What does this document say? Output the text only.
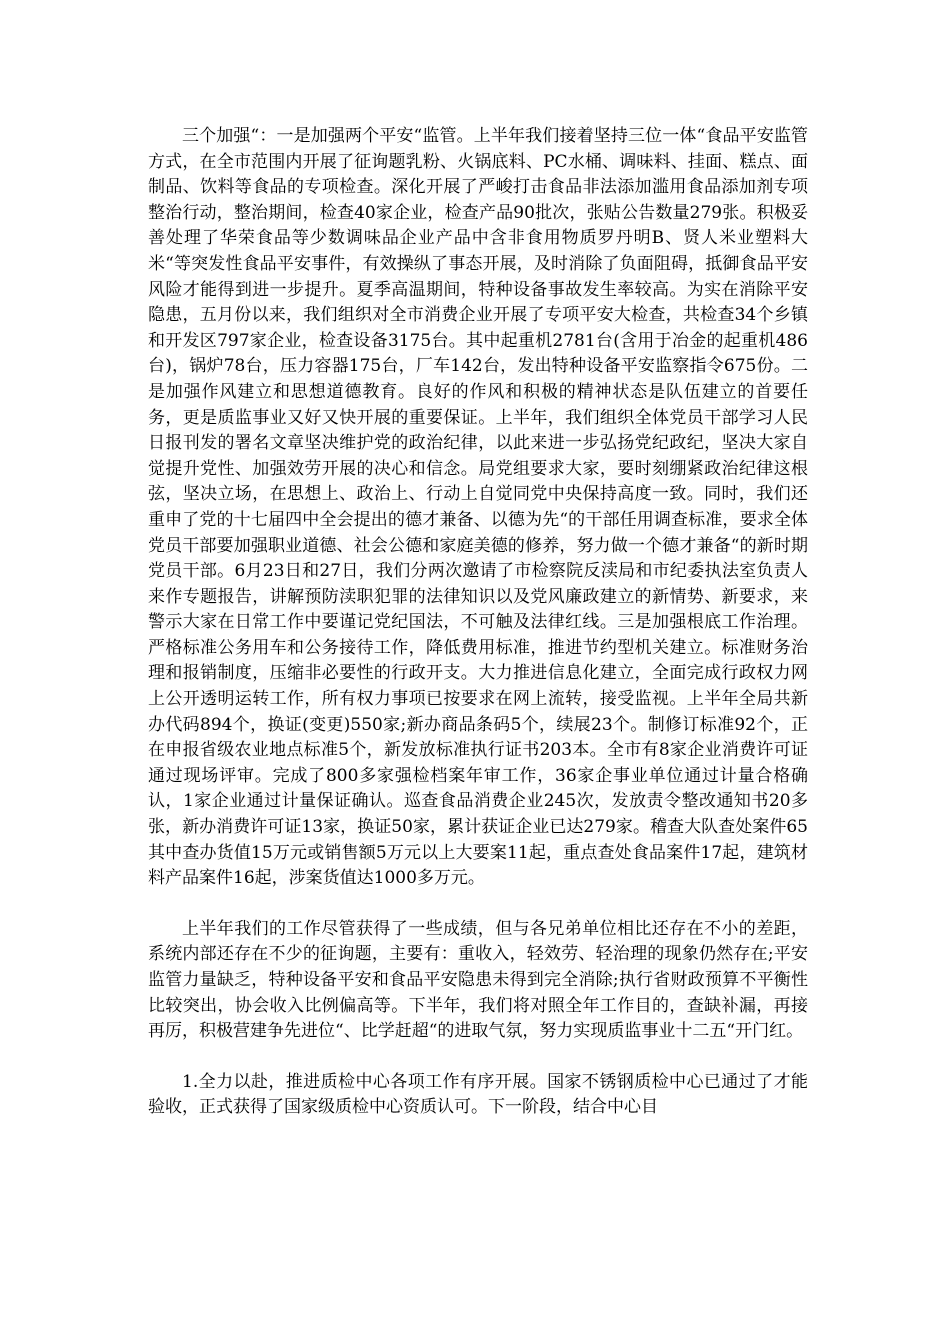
三个加强“：一是加强两个平安“监管。上半年我们接着坚持三位一体“食品平安监管方式，在全市范围内开展了征询题乳粉、火锅底料、PC水桶、调味料、挂面、糕点、面制品、饮料等食品的专项检查。深化开展了严峻打击食品非法添加滥用食品添加剂专项整治行动，整治期间，检查40家企业，检查产品90批次，张贴公告数量279张。积极妥善处理了华荣食品等少数调味品企业产品中含非食用物质罗丹明B、贤人米业塑料大米“等突发性食品平安事件，有效操纵了事态开展，及时消除了负面阻碍，抵御食品平安风险才能得到进一步提升。夏季高温期间，特种设备事故发生率较高。为实在消除平安隐患，五月份以来，我们组织对全市消费企业开展了专项平安大检查，共检查34个乡镇和开发区797家企业，检查设备3175台。其中起重机2781台(含用于冶金的起重机486台)，锅炉78台，压力容器175台，厂车142台，发出特种设备平安监察指令675份。二是加强作风建立和思想道德教育。良好的作风和积极的精神状态是队伍建立的首要任务，更是质监事业又好又快开展的重要保证。上半年，我们组织全体党员干部学习人民日报刊发的署名文章坚决维护党的政治纪律，以此来进一步弘扬党纪政纪，坚决大家自觉提升党性、加强效劳开展的决心和信念。局党组要求大家，要时刻绷紧政治纪律这根弦，坚决立场，在思想上、政治上、行动上自觉同党中央保持高度一致。同时，我们还重申了党的十七届四中全会提出的德才兼备、以德为先“的干部任用调查标准，要求全体党员干部要加强职业道德、社会公德和家庭美德的修养，努力做一个德才兼备“的新时期党员干部。6月23日和27日，我们分两次邀请了市检察院反渎局和市纪委执法室负责人来作专题报告，讲解预防渎职犯罪的法律知识以及党风廉政建立的新情势、新要求，来警示大家在日常工作中要谨记党纪国法，不可触及法律红线。三是加强根底工作治理。严格标准公务用车和公务接待工作，降低费用标准，推进节约型机关建立。标准财务治理和报销制度，压缩非必要性的行政开支。大力推进信息化建立，全面完成行政权力网上公开透明运转工作，所有权力事项已按要求在网上流转，接受监视。上半年全局共新办代码894个，换证(变更)550家;新办商品条码5个，续展23个。制修订标准92个，正在申报省级农业地点标准5个，新发放标准执行证书203本。全市有8家企业消费许可证通过现场评审。完成了800多家强检档案年审工作，36家企事业单位通过计量合格确认，1家企业通过计量保证确认。巡查食品消费企业245次，发放责令整改通知书20多张，新办消费许可证13家，换证50家，累计获证企业已达279家。稽查大队查处案件65其中查办货值15万元或销售额5万元以上大要案11起，重点查处食品案件17起，建筑材料产品案件16起，涉案货值达1000多万元。

上半年我们的工作尽管获得了一些成绩，但与各兄弟单位相比还存在不小的差距，系统内部还存在不少的征询题，主要有：重收入，轻效劳、轻治理的现象仍然存在;平安监管力量缺乏，特种设备平安和食品平安隐患未得到完全消除;执行省财政预算不平衡性比较突出，协会收入比例偏高等。下半年，我们将对照全年工作目的，查缺补漏，再接再厉，积极营建争先进位“、比学赶超“的进取气氛，努力实现质监事业十二五“开门红。

1.全力以赴，推进质检中心各项工作有序开展。国家不锈钢质检中心已通过了才能验收，正式获得了国家级质检中心资质认可。下一阶段，结合中心目
